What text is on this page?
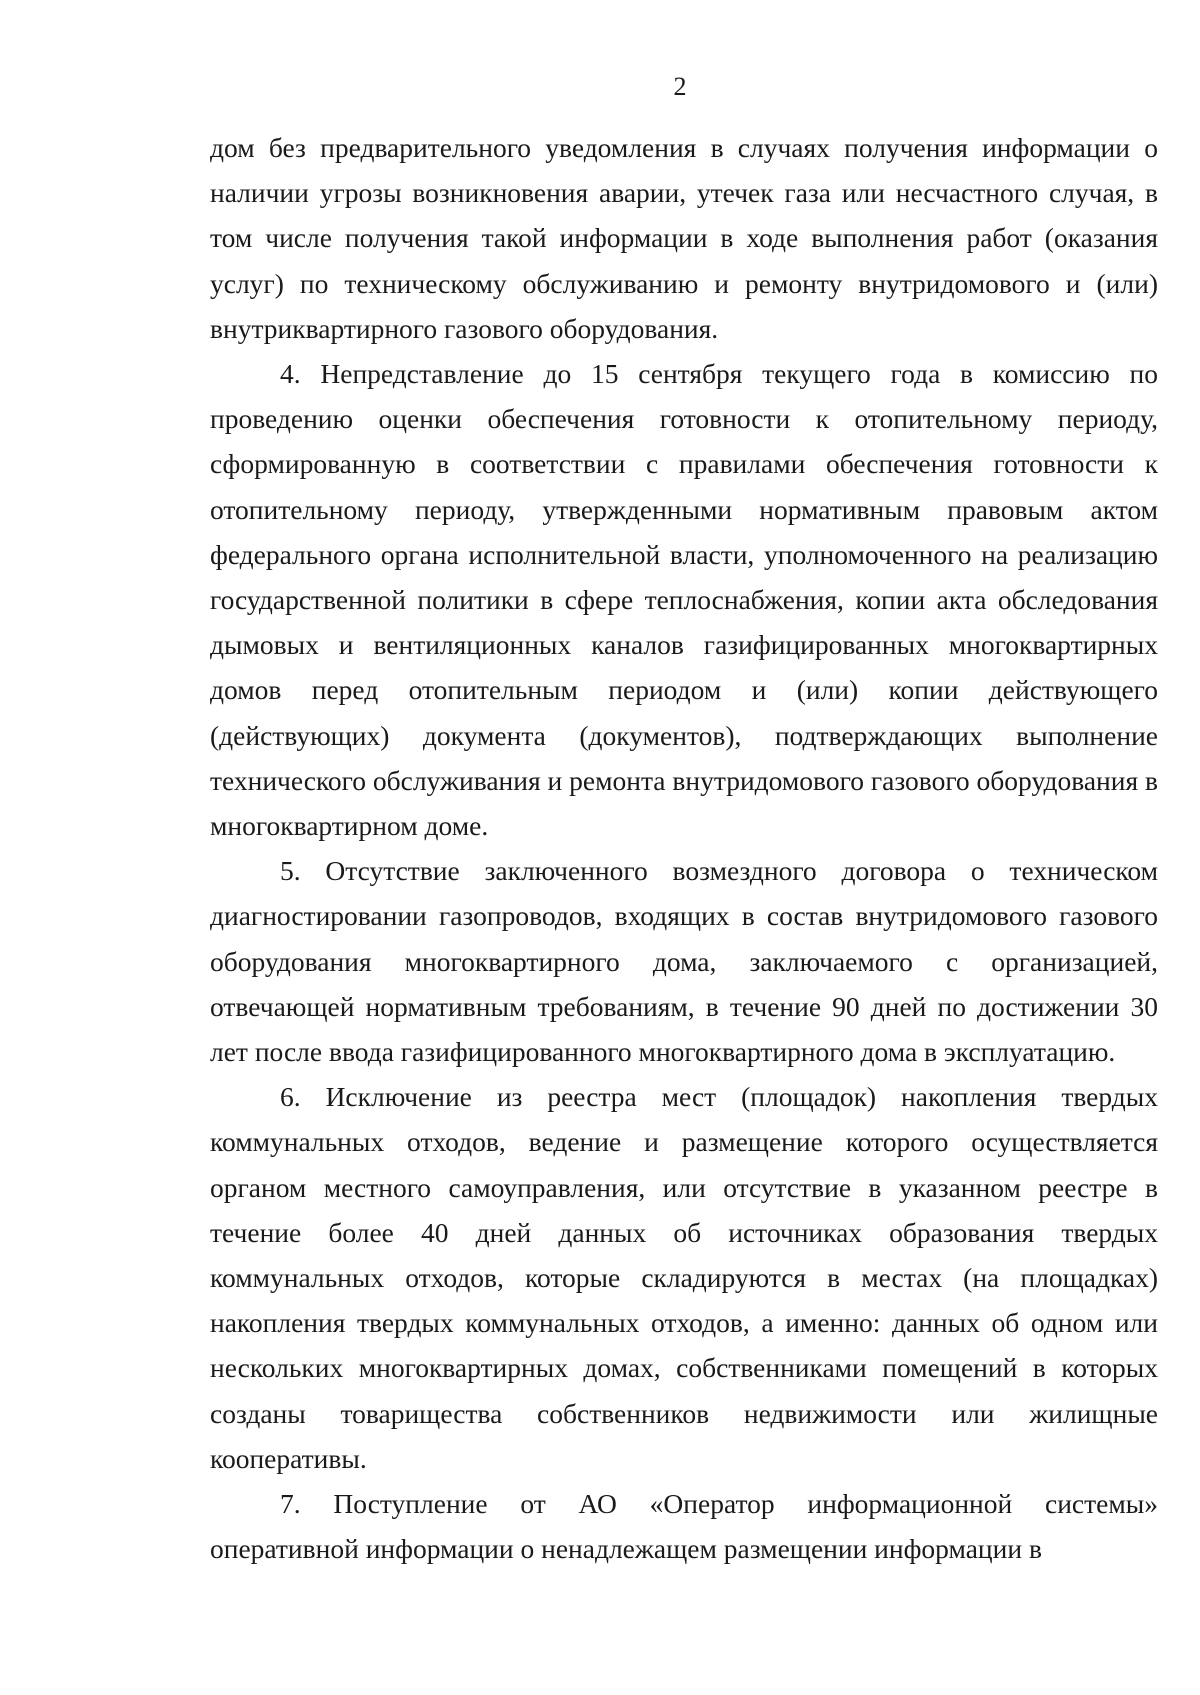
2

дом без предварительного уведомления в случаях получения информации о наличии угрозы возникновения аварии, утечек газа или несчастного случая, в том числе получения такой информации в ходе выполнения работ (оказания услуг) по техническому обслуживанию и ремонту внутридомового и (или) внутриквартирного газового оборудования.

4. Непредставление до 15 сентября текущего года в комиссию по проведению оценки обеспечения готовности к отопительному периоду, сформированную в соответствии с правилами обеспечения готовности к отопительному периоду, утвержденными нормативным правовым актом федерального органа исполнительной власти, уполномоченного на реализацию государственной политики в сфере теплоснабжения, копии акта обследования дымовых и вентиляционных каналов газифицированных многоквартирных домов перед отопительным периодом и (или) копии действующего (действующих) документа (документов), подтверждающих выполнение технического обслуживания и ремонта внутридомового газового оборудования в многоквартирном доме.

5. Отсутствие заключенного возмездного договора о техническом диагностировании газопроводов, входящих в состав внутридомового газового оборудования многоквартирного дома, заключаемого с организацией, отвечающей нормативным требованиям, в течение 90 дней по достижении 30 лет после ввода газифицированного многоквартирного дома в эксплуатацию.

6. Исключение из реестра мест (площадок) накопления твердых коммунальных отходов, ведение и размещение которого осуществляется органом местного самоуправления, или отсутствие в указанном реестре в течение более 40 дней данных об источниках образования твердых коммунальных отходов, которые складируются в местах (на площадках) накопления твердых коммунальных отходов, а именно: данных об одном или нескольких многоквартирных домах, собственниками помещений в которых созданы товарищества собственников недвижимости или жилищные кооперативы.

7. Поступление от АО «Оператор информационной системы» оперативной информации о ненадлежащем размещении информации в
